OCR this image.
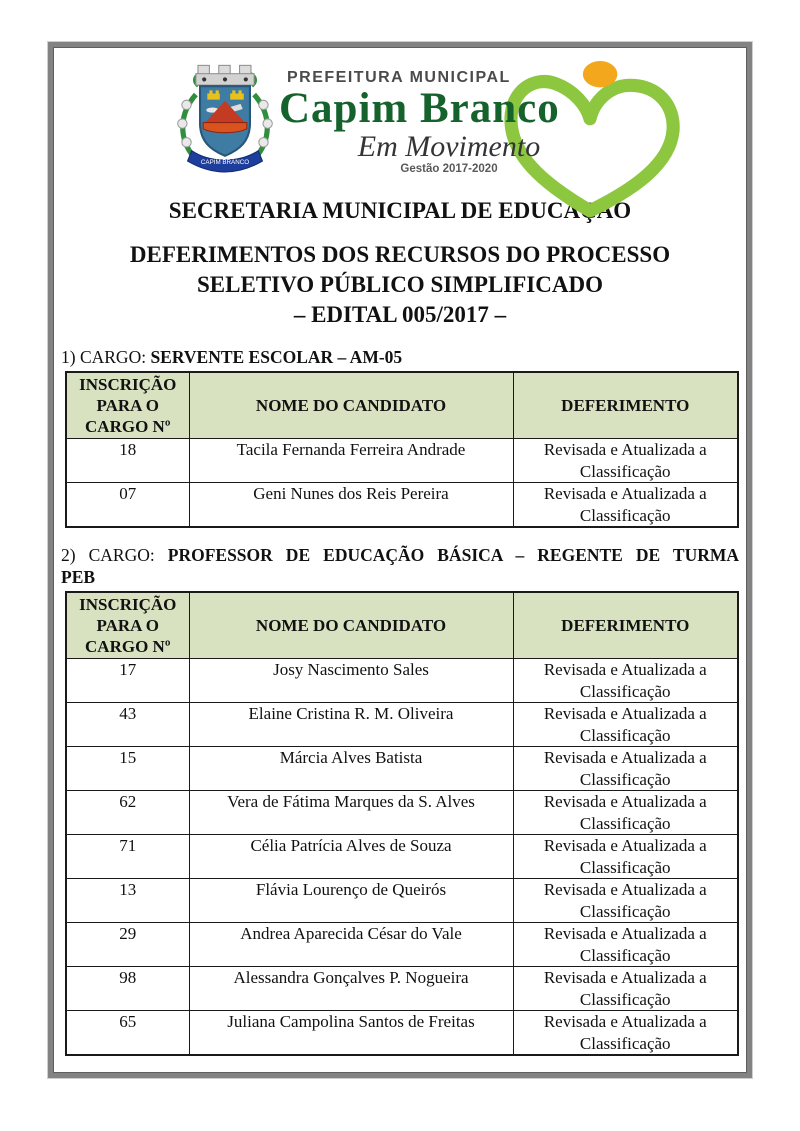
CAPIM BRANCO
PREFEITURA MUNICIPAL
Capim Branco
Em Movimento
Gestão 2017-2020
SECRETARIA MUNICIPAL DE EDUCAÇÃO
DEFERIMENTOS DOS RECURSOS DO PROCESSO
SELETIVO PÚBLICO SIMPLIFICADO
– EDITAL 005/2017 –
1) CARGO: SERVENTE ESCOLAR – AM-05
INSCRIÇÃO PARA O CARGO Nº	NOME DO CANDIDATO	DEFERIMENTO
18	Tacila Fernanda Ferreira Andrade	Revisada e Atualizada a Classificação
07	Geni Nunes dos Reis Pereira	Revisada e Atualizada a Classificação
2) CARGO: PROFESSOR DE EDUCAÇÃO BÁSICA – REGENTE DE TURMA
PEB
INSCRIÇÃO PARA O CARGO Nº	NOME DO CANDIDATO	DEFERIMENTO
17	Josy Nascimento Sales	Revisada e Atualizada a Classificação
43	Elaine Cristina R. M. Oliveira	Revisada e Atualizada a Classificação
15	Márcia Alves Batista	Revisada e Atualizada a Classificação
62	Vera de Fátima Marques da S. Alves	Revisada e Atualizada a Classificação
71	Célia Patrícia Alves de Souza	Revisada e Atualizada a Classificação
13	Flávia Lourenço de Queirós	Revisada e Atualizada a Classificação
29	Andrea Aparecida César do Vale	Revisada e Atualizada a Classificação
98	Alessandra Gonçalves P. Nogueira	Revisada e Atualizada a Classificação
65	Juliana Campolina Santos de Freitas	Revisada e Atualizada a Classificação
